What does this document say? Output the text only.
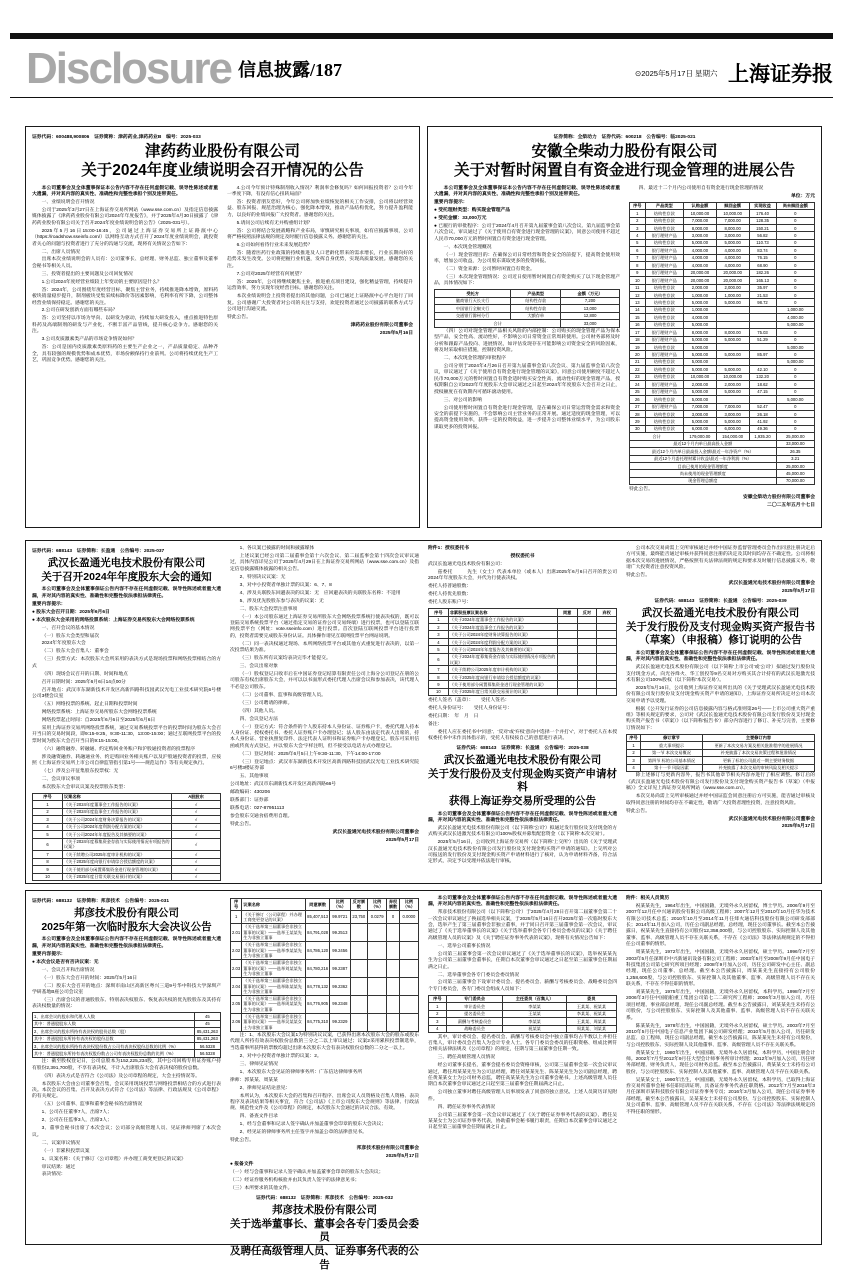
Disclosure 信息披露/187	⊙2025年5月17日 星期六 上海证券报
证券代码：600488,900806　证券简称：津药药业,津药药业B　编号：2025-033
津药药业股份有限公司
关于2024年度业绩说明会召开情况的公告

本公司董事会及全体董事保证本公告内容不存在任何虚假记载、误导性陈述或者重大遗漏，并对其内容的真实性、准确性和完整性承担个别及连带责任。

一、业绩说明会召开情况

公司于2025年3月27日在上海证券交易所网站（www.sse.com.cn）及指定信息披露媒体披露了《津药药业股份有限公司2024年年度报告》，并于2025年4月30日披露了《津药药业股份有限公司关于召开2024年度业绩说明会的公告》（2025-031号）。

2025年5月16日15:00-16:45，公司通过上海证券交易所上证路演中心（https://roadshow.sseinfo.com/）以网络互动方式召开了2024年度业绩说明会，就投资者关心的问题与投资者进行了充分的沟通与交流，现将有关情况公告如下：

二、出席人员情况

出席本次业绩说明会的人员有：公司董事长、总经理、财务总监、独立董事及董事会秘书等相关人员。

三、投资者提出的主要问题及公司回复情况

1.公司2024年度经营业绩较上年变动的主要原因是什么？

答：2024年，公司围绕年度经营目标，聚焦主营业务，持续推进降本增效，原料药板块销量稳步提升，制剂板块受集采续标降价等因素影响，毛利率有所下降，公司整体经营业绩保持稳定。感谢您的关注。

2.公司在研发创新方面有哪些布局？

答：公司坚持以市场为导向、以研发为驱动，持续加大研发投入，重点推进特色原料药及高端制剂的研发与产业化，不断丰富产品管线，提升核心竞争力。感谢您的关注。

3.公司皮质激素类产品的市场竞争情况如何？

答：公司是国内皮质激素类原料药的主要生产企业之一，产品质量稳定、品种齐全，具有较强的规模优势和成本优势，市场份额保持行业前列。公司将持续优化生产工艺，巩固竞争优势。感谢您的关注。

4.公司今年预计特殊制剂收入情况？利润率会修复吗？如何回报投资者？公司今年一季度下降，有没有信心扭转局面？

答：投资者朋友您好，今年公司将加快业绩恢复的相关工作安排，公司将以经营效益、股东回报、规范治理为核心，强化降本增效，推动产品结构优化，努力提升盈利能力，以良好的业绩回报广大投资者。感谢您的关注。

5.请问公司后续有无并购重组计划？

答：公司将结合发展战略和产业布局，审慎研究相关事项，如有应披露事项，公司将严格按照法律法规的规定及时履行信息披露义务。感谢您的关注。

6.公司如何看待行业未来发展趋势？

答：随着医药行业政策的持续推进及人口老龄化带来的需求增长，行业长期向好的趋势未发生改变。公司将把握行业机遇，发挥自身优势，实现高质量发展。感谢您的关注。

7.公司对2025年经营有何展望？

答：2025年，公司将继续聚焦主业，推进重点项目建设，强化精益管理，持续提升运营效率，努力实现年度经营目标。感谢您的关注。

本次业绩说明会上投资者提出的其他问题，公司已通过上证路演中心平台进行了回复。公司感谢广大投资者对公司的关注与支持，欢迎投资者通过公司披露的联系方式与公司进行沟通交流。

特此公告。

津药药业股份有限公司董事会

2025年5月16日

证券简称：全柴动力　证券代码：600218　公告编号：临2025-021
安徽全柴动力股份有限公司
关于对暂时闲置自有资金进行现金管理的进展公告

本公司董事会及全体董事保证本公告内容不存在任何虚假记载、误导性陈述或者重大遗漏，并对其内容的真实性、准确性和完整性承担个别及连带责任。

重要内容提示：

● 受托理财类型：购买现金管理产品

● 受托金额：33,000万元

● 已履行的审批程序：公司于2024年4月召开第九届董事会第八次会议、第九届监事会第八次会议，审议通过了《关于使用自有资金进行现金管理的议案》，同意公司使用不超过人民币70,000万元的暂时闲置自有资金进行现金管理。

一、本次现金管理概况

（一）现金管理目的：在确保公司日常经营和资金安全的前提下，提高资金使用效率，增加公司收益，为公司股东谋取更多的投资回报。

（二）资金来源：公司暂时闲置自有资金。

（三）本次现金管理情况：公司近日使用暂时闲置自有资金购买了以下现金管理产品，具体情况如下：

受托方	产品类型	金额（万元）
徽商银行天长支行	结构性存款	7,200
中国银行全椒支行	结构性存款	13,000
交通银行滁州分行	大额存单	12,800
合计		33,000

（四）公司对现金管理产品相关风险的内部控制：公司购买的现金管理产品为保本型产品，安全性高、流动性好，不影响公司日常资金正常周转使用。公司财务部将及时分析和跟踪产品投向、进展情况，如评估发现存在可能影响公司资金安全的风险因素，将及时采取相应措施，控制投资风险。

二、本次现金管理的审批程序

公司分别于2024年4月26日召开第九届董事会第八次会议、第九届监事会第八次会议，审议通过了《关于使用自有资金进行现金管理的议案》，同意公司使用额度不超过人民币70,000万元的暂时闲置自有资金适时购买安全性高、流动性好的现金管理产品，授权期限自公司2023年年度股东大会审议通过之日起至2024年年度股东大会召开之日止，授权额度在有效期内可循环滚动使用。

三、对公司的影响

公司使用暂时闲置自有资金进行现金管理，是在确保公司日常运营资金需求和资金安全的前提下实施的，不会影响公司主营业务的正常开展。通过适度的现金管理，可以提高资金使用效率，获得一定的投资收益，进一步提升公司整体业绩水平，为公司股东谋取更多的投资回报。

四、最近十二个月内公司使用自有资金进行现金管理的情况

单位：万元

序号	产品类型	认购金额	赎回金额	实现收益	尚未赎回金额
1	结构性存款	10,000.00	10,000.00	176.40	0
2	结构性存款	7,000.00	7,000.00	128.35	0
3	结构性存款	8,000.00	8,000.00	150.21	0
4	银行理财产品	3,000.00	3,000.00	56.82	0
5	结构性存款	5,000.00	5,000.00	110.73	0
6	银行理财产品	4,000.00	4,000.00	83.74	0
7	银行理财产品	4,000.00	4,000.00	76.15	0
8	银行理财产品	4,000.00	4,000.00	68.90	0
9	银行理财产品	20,000.00	20,000.00	182.26	0
10	银行理财产品	20,000.00	20,000.00	165.13	0
11	结构性存款	2,000.00	2,000.00	35.97	0
12	结构性存款	1,000.00	1,000.00	21.53	0
13	结构性存款	5,000.00	5,000.00	98.72	0
14	结构性存款	1,000.00			1,000.00
15	结构性存款	4,000.00			4,000.00
16	结构性存款	5,000.00			5,000.00
17	银行理财产品	8,000.00	8,000.00	75.03	0
18	银行理财产品	5,000.00	5,000.00	51.29	0
19	结构性存款	5,000.00			5,000.00
20	银行理财产品	5,000.00	5,000.00	85.97	0
21	结构性存款	5,000.00			5,000.00
22	结构性存款	5,000.00	5,000.00	42.10	0
23	结构性存款	10,000.00	10,000.00	132.20	0
24	银行理财产品	2,000.00	2,000.00	18.62	0
25	银行理财产品	5,000.00	5,000.00	47.15	0
26	结构性存款	5,000.00			5,000.00
27	银行理财产品	7,000.00	7,000.00	52.47	0
28	结构性存款	3,000.00	3,000.00	26.18	0
29	结构性存款	5,000.00	5,000.00	41.92	0
30	结构性存款	6,000.00	6,000.00	49.36	0
合计		179,000.00	154,000.00	1,935.20	25,000.00
最近12个月内单日最高投入金额					33,000.00
最近12个月内单日最高投入金额/最近一年净资产（%）					26.35
最近12个月委托理财累计收益/最近一年净利润（%）					3.21
目前已使用的现金管理额度					25,000.00
尚未使用的现金管理额度					45,000.00
现金管理总额度					70,000.00

特此公告。

安徽全柴动力股份有限公司董事会

二〇二五年五月十七日

证券代码：688143　证券简称：长盈通　公告编号：2025-037
武汉长盈通光电技术股份有限公司
关于召开2024年年度股东大会的通知

本公司董事会及全体董事保证公告内容不存在任何虚假记载、误导性陈述或者重大遗漏，并对其内容的真实性、准确性和完整性依法承担法律责任。

重要内容提示：

● 股东大会召开日期：2025年6月6日

● 本次股东大会采用的网络投票系统：上海证券交易所股东大会网络投票系统

一、召开会议的基本情况

（一）股东大会类型和届次

2024年年度股东大会

（二）股东大会召集人：董事会

（三）投票方式：本次股东大会所采用的表决方式是现场投票和网络投票相结合的方式

（四）现场会议召开的日期、时间和地点

召开日期时间：2025年6月6日14点00分

召开地点：武汉市东湖新技术开发区高新四路科技园武汉光电工业技术研究院6号楼公司3楼会议室

（五）网络投票的系统、起止日期和投票时间

网络投票系统：上海证券交易所股东大会网络投票系统

网络投票起止时间：自2025年6月6日至2025年6月6日

采用上海证券交易所网络投票系统，通过交易系统投票平台的投票时间为股东大会召开当日的交易时间段，即9:15-9:25，9:30-11:30，13:00-15:00；通过互联网投票平台的投票时间为股东大会召开当日的9:15-15:00。

（六）融资融券、转融通、约定购回业务账户和沪股通投资者的投票程序

涉及融资融券、转融通业务、约定购回业务相关账户以及沪股通投资者的投票，应按照《上海证券交易所上市公司自律监管指引第1号——规范运作》等有关规定执行。

（七）涉及公开征集股东投票权：无

二、会议审议事项

本次股东大会审议议案及投票股东类型：

序号	议案名称	A股股东
1	《关于2024年度董事会工作报告的议案》	√
2	《关于2024年度监事会工作报告的议案》	√
3	《关于公司2024年度财务决算报告的议案》	√
4	《关于公司2024年度利润分配方案的议案》	√
5	《关于公司2024年年度报告及其摘要的议案》	√
6	《关于2024年度募集资金存放与实际使用情况专项报告的议案》	√
7	《关于续聘公司2025年度审计机构的议案》	√
8	《关于2025年度向银行申请综合授信额度的议案》	√
9	《关于使用部分闲置募集资金进行现金管理的议案》	√
10	《关于2025年度日常关联交易预计的议案》	√

1、各议案已披露的时间和披露媒体

上述议案已经公司第二届董事会第十六次会议、第二届监事会第十四次会议审议通过，具体内容详见公司于2025年4月29日在上海证券交易所网站（www.sse.com.cn）及指定信息披露媒体披露的相关公告。

2、特别决议议案：无

3、对中小投资者单独计票的议案：6、7、8

4、涉及关联股东回避表决的议案：无　应回避表决的关联股东名称：不适用

5、涉及优先股股东参与表决的议案：无

二、股东大会投票注意事项

（一）本公司股东通过上海证券交易所股东大会网络投票系统行使表决权的，既可以登陆交易系统投票平台（通过指定交易的证券公司交易终端）进行投票，也可以登陆互联网投票平台（网址：vote.sseinfo.com）进行投票。首次登陆互联网投票平台进行投票的，投资者需要完成股东身份认证。具体操作请见互联网投票平台网站说明。

（二）同一表决权通过现场、本所网络投票平台或其他方式重复进行表决的，以第一次投票结果为准。

（三）股东所有议案均表决完毕才能提交。

三、会议出席对象

（一）股权登记日收市后在中国证券登记结算有限责任公司上海分公司登记在册的公司股东有权出席股东大会，并可以以书面形式委托代理人出席会议和参加表决，该代理人不必是公司股东。

（二）公司董事、监事和高级管理人员。

（三）公司聘请的律师。

（四）其他人员。

四、会议登记方法

（一）登记方式：符合条件的个人股东持本人身份证、证券账户卡，委托代理人持本人身份证、授权委托书、委托人证券账户卡办理登记；法人股东由法定代表人出席的，持本人身份证、营业执照复印件、法定代表人证明书和证券账户卡办理登记。股东可采用信函或传真方式登记，并以'股东大会'字样注明，但不接受以电话方式办理登记。

（二）登记时间：2025年6月5日上午9:30-11:30，下午14:00-17:00

（三）登记地点：武汉市东湖新技术开发区高新四路科技园武汉光电工业技术研究院6号楼3楼证券部

五、其他事项

公司地址：武汉市东湖新技术开发区高新四路66号

邮政编码：430206

联系部门：证券部

联系电话：027-87951113

参会股东交通食宿费用自理。

特此公告。

武汉长盈通光电技术股份有限公司董事会

2025年5月17日

附件1：授权委托书

授权委托书

武汉长盈通光电技术股份有限公司：

兹委托　　　先生（女士）代表本单位（或本人）出席2025年6月6日召开的贵公司2024年年度股东大会，并代为行使表决权。

委托人持普通股数：

委托人持优先股数：

委托人股东账户号：

序号	非累积投票议案名称	同意	反对	弃权
1	《关于2024年度董事会工作报告的议案》			
2	《关于2024年度监事会工作报告的议案》			
3	《关于公司2024年度财务决算报告的议案》			
4	《关于公司2024年度利润分配方案的议案》			
5	《关于公司2024年年度报告及其摘要的议案》			
6	《关于2024年度募集资金存放与实际使用情况专项报告的议案》			
7	《关于续聘公司2025年度审计机构的议案》			
8	《关于2025年度向银行申请综合授信额度的议案》			
9	《关于使用部分闲置募集资金进行现金管理的议案》			
10	《关于2025年度日常关联交易预计的议案》			

委托人签名（盖章）：　　受托人签名：

委托人身份证号：　　受托人身份证号：

委托日期：　年　月　日

备注：

委托人应在委托书中'同意'、'反对'或'弃权'意向中选择一个并打'√'，对于委托人在本授权委托书中未作具体指示的，受托人有权按自己的意愿进行表决。

证券代码：688143　证券简称：长盈通　公告编号：2025-038
武汉长盈通光电技术股份有限公司
关于发行股份及支付现金购买资产申请材料
获得上海证券交易所受理的公告

本公司董事会及全体董事保证公告内容不存在任何虚假记载、误导性陈述或者重大遗漏，并对其内容的真实性、准确性和完整性依法承担法律责任。

武汉长盈通光电技术股份有限公司（以下简称'公司'）拟通过发行股份及支付现金的方式购买武汉长进激光技术有限公司100%股权并募集配套资金（以下简称'本次交易'）。

2025年5月16日，公司收到上海证券交易所（以下简称'上交所'）出具的《关于受理武汉长盈通光电技术股份有限公司发行股份及支付现金购买资产申请的通知》。上交所对公司报送的发行股份及支付现金购买资产申请材料进行了核对，认为申请材料齐备，符合法定形式，决定予以受理并依法进行审核。

公司本次交易尚需上交所审核通过并经中国证券监督管理委员会作出同意注册决定后方可实施，最终能否通过审核并获得同意注册的决定及其时间均存在不确定性。公司将根据本次交易的进展情况，严格按照有关法律法规的规定和要求及时履行信息披露义务，敬请广大投资者注意投资风险。

特此公告。

武汉长盈通光电技术股份有限公司董事会

2025年5月17日

证券代码：688143　证券简称：长盈通　公告编号：2025-039
武汉长盈通光电技术股份有限公司
关于发行股份及支付现金购买资产报告书
（草案）（申报稿）修订说明的公告

本公司董事会及全体董事保证公告内容不存在任何虚假记载、误导性陈述或者重大遗漏，并对其内容的真实性、准确性和完整性依法承担法律责任。

武汉长盈通光电技术股份有限公司（以下简称'上市公司'或'公司'）拟通过发行股份及支付现金方式，向光谷烽火、华工创投等9名交易对方购买其合计持有的武汉长进激光技术有限公司100%股权（以下简称'本次交易'）。

2025年5月16日，公司收到上海证券交易所出具的《关于受理武汉长盈通光电技术股份有限公司发行股份及支付现金购买资产申请的通知》，上海证券交易所决定对公司本次交易申请予以受理。

根据《公开发行证券的公司信息披露内容与格式准则第26号——上市公司重大资产重组》等相关规定的要求，公司对《武汉长盈通光电技术股份有限公司发行股份及支付现金购买资产报告书（草案）》（以下简称'报告书'）部分内容进行了修订、补充与完善，主要修订情况如下：

序号	修订章节	主要修订内容
1	重大事项提示	更新了本次交易方案及相关批准程序的进展情况
2	第一节 本次交易概况	补充披露了本次交易决策过程和批准情况
3	第四节 标的公司基本情况	更新了标的公司最近一期主要财务数据
4	第十一节 风险因素	补充披露了本次交易的审核风险及相关提示

除上述修订与更新内容外，报告书其他章节相关内容亦进行了相应调整。修订后的《武汉长盈通光电技术股份有限公司发行股份及支付现金购买资产报告书（草案）（申报稿）》全文详见上海证券交易所网站（www.sse.com.cn）。

本次交易尚需上交所审核通过并经中国证监会同意注册后方可实施，能否通过审核及取得同意注册的时间均存在不确定性，敬请广大投资者理性投资，注意投资风险。

特此公告。

武汉长盈通光电技术股份有限公司董事会

2025年5月17日

证券代码：688132　证券简称：邦彦技术　公告编号：2025-031
邦彦技术股份有限公司
2025年第一次临时股东大会决议公告

本公司董事会及全体董事保证公告内容不存在任何虚假记载、误导性陈述或者重大遗漏，并对其内容的真实性、准确性和完整性依法承担法律责任。

重要内容提示：

● 本次会议是否有否决议案：无

一、会议召开和出席情况

（一）股东大会召开的时间：2025年5月16日

（二）股东大会召开的地点：深圳市南山区高新区粤兴三道9号华中科技大学深圳产学研基地B座公司会议室

（三）出席会议的普通股股东、特别表决权股东、恢复表决权的优先股股东及其持有表决权数量的情况：

1、出席会议的股东和代理人人数	45
其中：普通股股东人数	45
2、出席会议的股东所持有表决权的股份总数（股）	85,431,263
其中：普通股股东所持有表决权的股份总数	85,431,263
3、出席会议的股东所持有表决权股份数占公司有表决权股份总数的比例（%）	56.5328
其中：普通股股东所持有表决权股份数占公司有表决权股份总数的比例（%）	56.5328

注：截至股权登记日，公司总股本为152,225,234股，其中公司回购专用证券账户持有股份2,391,700股，不享有表决权，不计入出席股东大会有表决权的股份总数。

（四）表决方式是否符合《公司法》及公司章程的规定，大会主持情况等。

本次股东大会由公司董事会召集，会议采用现场投票与网络投票相结合的方式进行表决。本次会议的召集、召开及表决方式符合《公司法》等法律、行政法规及《公司章程》的有关规定。

（五）公司董事、监事和董事会秘书的出席情况

1、公司在任董事7人，出席7人；

2、公司在任监事3人，出席3人；

3、董事会秘书出席了本次会议；公司部分高级管理人员、见证律师列席了本次会议。

二、议案审议情况

（一）非累积投票议案

1、议案名称：《关于修订〈公司章程〉并办理工商变更登记的议案》

审议结果：通过

表决情况：

序号	议案名称	同意票数	比例（%）	反对票数	比例（%）	弃权票数	比例（%）
1	《关于修订〈公司章程〉并办理工商变更登记的议案》	85,407,513	99.9721	23,750	0.0279	0	0.0000
2.01	《关于选举第三届董事会非独立董事的议案》——选举王某某先生为非独立董事	84,791,028	99.2513				
2.02	《关于选举第三届董事会非独立董事的议案》——选举李某某先生为非独立董事	84,786,120	99.2456				
2.03	《关于选举第三届董事会非独立董事的议案》——选举刘某某先生为非独立董事	84,780,216	99.2387				
2.04	《关于选举第三届董事会非独立董事的议案》——选举陈某某先生为非独立董事	84,778,132	99.2362				
2.05	《关于选举第三届董事会非独立董事的议案》——选举周某某先生为非独立董事	84,776,905	99.2348				
2.06	《关于选举第三届董事会非独立董事的议案》——选举吴某某女士为非独立董事	84,775,310	99.2329				

注：1、本次股东大会议案1为特别决议议案，已获得出席本次股东大会的股东或股东代理人所持有效表决权股份总数的三分之二以上审议通过；议案2采用累积投票制选举，当选董事所获得的票数均超过出席本次股东大会有表决权股份总数的二分之一以上。

2、对中小投资者单独计票的议案：2。

三、律师见证情况

1、本次股东大会见证的律师事务所：广东信达律师事务所

律师：郭某某、周某某

2、律师见证结论意见：

本所认为，本次股东大会的召集和召开程序、出席会议人员资格及召集人资格、表决程序及表决结果等相关事宜，符合《公司法》《上市公司股东大会规则》等法律、行政法规、规范性文件及《公司章程》的规定，本次股东大会通过的决议合法、有效。

四、备查文件目录

1、经与会董事和记录人签字确认并加盖董事会印章的股东大会决议；

2、经见证的律师事务所主任签字并加盖公章的法律意见书。

特此公告。

邦彦技术股份有限公司董事会

2025年5月17日

● 报备文件

（一）经与会董事和记录人签字确认并加盖董事会印章的股东大会决议；

（二）经证券服务机构核验并由其负责人签字的法律意见书；

（三）本所要求的其他文件。

证券代码：688132　证券简称：邦彦技术　公告编号：2025-032
邦彦技术股份有限公司
关于选举董事长、董事会各专门委员会委员
及聘任高级管理人员、证券事务代表的公告

本公司董事会及全体董事保证公告内容不存在任何虚假记载、误导性陈述或者重大遗漏，并对其内容的真实性、准确性和完整性依法承担法律责任。

邦彦技术股份有限公司（以下简称'公司'）于2025年4月28日召开第二届董事会第二十一次会议审议通过了换届选举相关议案，于2025年5月16日召开2025年第一次临时股东大会，选举产生了第三届董事会非独立董事，并于同日召开第三届董事会第一次会议，审议通过了《关于选举董事长的议案》《关于选举董事会各专门委员会委员的议案》《关于聘任高级管理人员的议案》及《关于聘任证券事务代表的议案》，现将有关情况公告如下：

一、选举公司董事长情况

公司第三届董事会第一次会议审议通过了《关于选举董事长的议案》，选举祝某某先生为公司第三届董事会董事长，任期自本次董事会审议通过之日起至第三届董事会任期届满之日止。

二、选举董事会各专门委员会委员情况

公司第三届董事会下设审计委员会、提名委员会、薪酬与考核委员会、战略委员会四个专门委员会，各专门委员会组成人员如下：

序号	专门委员会	主任委员（召集人）	委员
1	审计委员会	李某某	王某某、祝某某
2	提名委员会	王某某	李某某、祝某某
3	薪酬与考核委员会	李某某	王某某、周某某
4	战略委员会	祝某某	周某某、刘某某

其中，审计委员会、提名委员会、薪酬与考核委员会中独立董事均占半数以上并担任召集人，审计委员会召集人为会计专业人士。各专门委员会委员的任职资格、组成比例符合相关法律法规及《公司章程》的规定，任期与第三届董事会任期一致。

三、聘任高级管理人员情况

经公司董事长提名，董事会提名委员会资格审核，公司第三届董事会第一次会议审议通过，聘任周某某先生为公司总经理，聘任刘某某先生、陈某某先生为公司副总经理，聘任黄某某女士为公司财务总监，聘任高某某先生为公司董事会秘书。上述高级管理人员任期自本次董事会审议通过之日起至第三届董事会任期届满之日止。

公司独立董事对聘任高级管理人员事项发表了同意的独立意见。上述人员简历详见附件。

四、聘任证券事务代表情况

公司第三届董事会第一次会议审议通过了《关于聘任证券事务代表的议案》，聘任吴某某女士为公司证券事务代表，协助董事会秘书履行职责，任期自本次董事会审议通过之日起至第三届董事会任期届满之日止。

附件：相关人员简历

祝某某先生，1964年出生，中国国籍，无境外永久居留权，博士学历。2006年9月至2007年12月任中兴通讯股份有限公司高级工程师；2007年12月至2010年10月任华为技术有限公司技术总监；2010年10月至2014年11月任烽火通信科技股份有限公司研发部部长；2014年11月加入公司，历任公司副总经理、总经理，现任公司董事长。截至本公告披露日，祝某某先生直接持有公司股份12,358,000股，与公司控股股东、实际控制人及其他董事、监事、高级管理人员不存在关联关系，不存在《公司法》等法律法规规定的不得担任公司董事的情形。

周某某先生，1972年出生，中国国籍，无境外永久居留权，硕士学历。1996年7月至2003年5月任深圳市中兴新通讯设备有限公司工程师；2003年5月至2008年9月任中国电子科技集团公司第七研究所项目经理；2008年9月加入公司，历任公司研发中心主任、副总经理，现任公司董事、总经理。截至本公告披露日，周某某先生直接持有公司股份1,258,600股，与公司控股股东、实际控制人及其他董事、监事、高级管理人员不存在关联关系，不存在不得任职的情形。

刘某某先生，1975年出生，中国国籍，无境外永久居留权，本科学历。1998年7月至2006年3月任中国船舶重工集团公司第七二二研究所工程师；2006年3月加入公司，历任项目经理、事业部总经理，现任公司副总经理。截至本公告披露日，刘某某先生未持有公司股份，与公司控股股东、实际控制人及其他董事、监事、高级管理人员不存在关联关系。

陈某某先生，1978年出生，中国国籍，无境外永久居留权，硕士学历。2003年7月至2010年5月任中国电子信息产业集团下属公司研发经理；2010年5月加入公司，历任研发总监、总工程师，现任公司副总经理。截至本公告披露日，陈某某先生未持有公司股份，与公司控股股东、实际控制人及其他董事、监事、高级管理人员不存在关联关系。

黄某某女士，1980年出生，中国国籍，无境外永久居留权，本科学历，中国注册会计师。2002年7月至2012年9月任大型会计师事务所审计经理；2012年9月加入公司，历任财务部经理、财务负责人，现任公司财务总监。截至本公告披露日，黄某某女士未持有公司股份，与公司控股股东、实际控制人及其他董事、监事、高级管理人员不存在关联关系。

吴某某女士，1990年出生，中国国籍，无境外永久居留权，本科学历，已取得上海证券交易所董事会秘书任职培训证明，具备证券事务代表任职资格。2012年7月至2016年3月任深圳市某科技股份有限公司证券事务专员；2016年3月加入公司，现任公司证券事务部经理。截至本公告披露日，吴某某女士未持有公司股份，与公司控股股东、实际控制人及公司董事、监事、高级管理人员不存在关联关系，不存在《公司法》等法律法规规定的不得任职的情形。
